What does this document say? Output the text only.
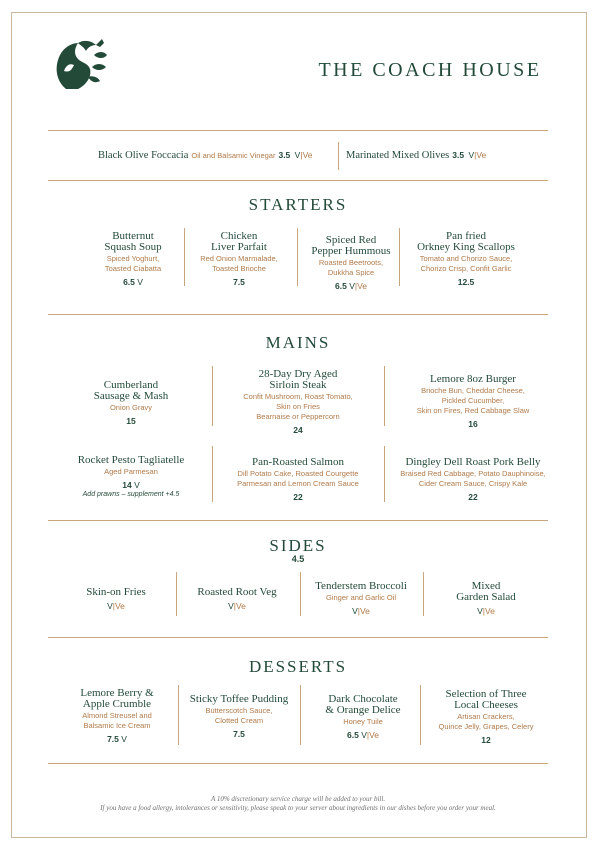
THE COACH HOUSE
Black Olive Foccacia Oil and Balsamic Vinegar 3.5 V|Ve	Marinated Mixed Olives 3.5 V|Ve
STARTERS
Butternut
Squash Soup
Spiced Yoghurt,
Toasted Ciabatta
6.5 V
Chicken
Liver Parfait
Red Onion Marmalade,
Toasted Brioche
7.5
Spiced Red
Pepper Hummous
Roasted Beetroots,
Dukkha Spice
6.5 V|Ve
Pan fried
Orkney King Scallops
Tomato and Chorizo Sauce,
Chorizo Crisp, Confit Garlic
12.5
MAINS
Cumberland
Sausage & Mash
Onion Gravy
15
28-Day Dry Aged
Sirloin Steak
Confit Mushroom, Roast Tomato,
Skin on Fries
Bearnaise or Peppercorn
24
Lemore 8oz Burger
Brioche Bun, Cheddar Cheese,
Pickled Cucumber,
Skin on Fires, Red Cabbage Slaw
16
Rocket Pesto Tagliatelle
Aged Parmesan
14 V
Add prawns – supplement +4.5
Pan-Roasted Salmon
Dill Potato Cake, Roasted Courgette
Parmesan and Lemon Cream Sauce
22
Dingley Dell Roast Pork Belly
Braised Red Cabbage, Potato Dauphinoise,
Cider Cream Sauce, Crispy Kale
22
SIDES
4.5
Skin-on Fries
V|Ve
Roasted Root Veg
V|Ve
Tenderstem Broccoli
Ginger and Garlic Oil
V|Ve
Mixed
Garden Salad
V|Ve
DESSERTS
Lemore Berry &
Apple Crumble
Almond Streusel and
Balsamic Ice Cream
7.5 V
Sticky Toffee Pudding
Butterscotch Sauce,
Clotted Cream
7.5
Dark Chocolate
& Orange Delice
Honey Tuile
6.5 V|Ve
Selection of Three
Local Cheeses
Artisan Crackers,
Quince Jelly, Grapes, Celery
12
A 10% discretionary service charge will be added to your bill.
If you have a food allergy, intolerances or sensitivity, please speak to your server about ingredients in our dishes before you order your meal.
